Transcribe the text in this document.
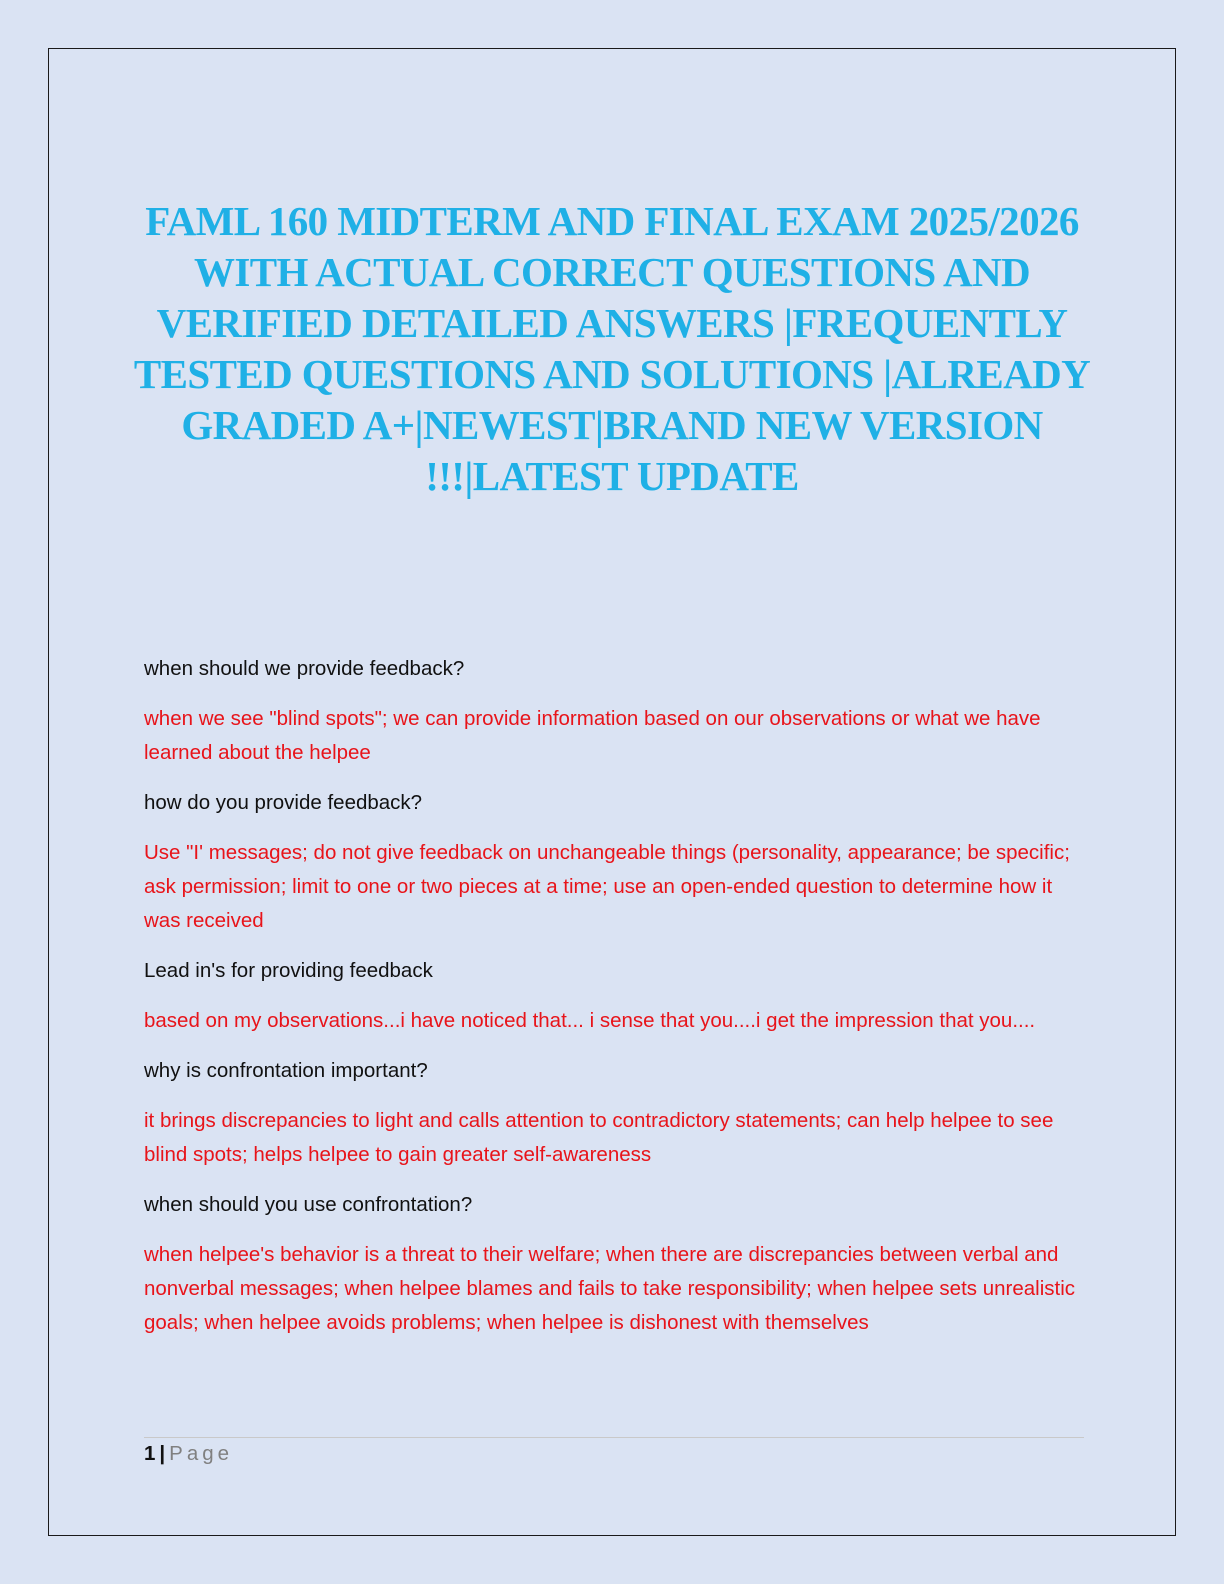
FAML 160 MIDTERM AND FINAL EXAM 2025/2026 WITH ACTUAL CORRECT QUESTIONS AND VERIFIED DETAILED ANSWERS |FREQUENTLY TESTED QUESTIONS AND SOLUTIONS |ALREADY GRADED A+|NEWEST|BRAND NEW VERSION !!!|LATEST UPDATE

when should we provide feedback?

when we see "blind spots"; we can provide information based on our observations or what we have learned about the helpee

how do you provide feedback?

Use "I' messages; do not give feedback on unchangeable things (personality, appearance; be specific; ask permission; limit to one or two pieces at a time; use an open-ended question to determine how it was received

Lead in's for providing feedback

based on my observations...i have noticed that... i sense that you....i get the impression that you....

why is confrontation important?

it brings discrepancies to light and calls attention to contradictory statements; can help helpee to see blind spots; helps helpee to gain greater self-awareness

when should you use confrontation?

when helpee's behavior is a threat to their welfare; when there are discrepancies between verbal and nonverbal messages; when helpee blames and fails to take responsibility; when helpee sets unrealistic goals; when helpee avoids problems; when helpee is dishonest with themselves

1 | Page
